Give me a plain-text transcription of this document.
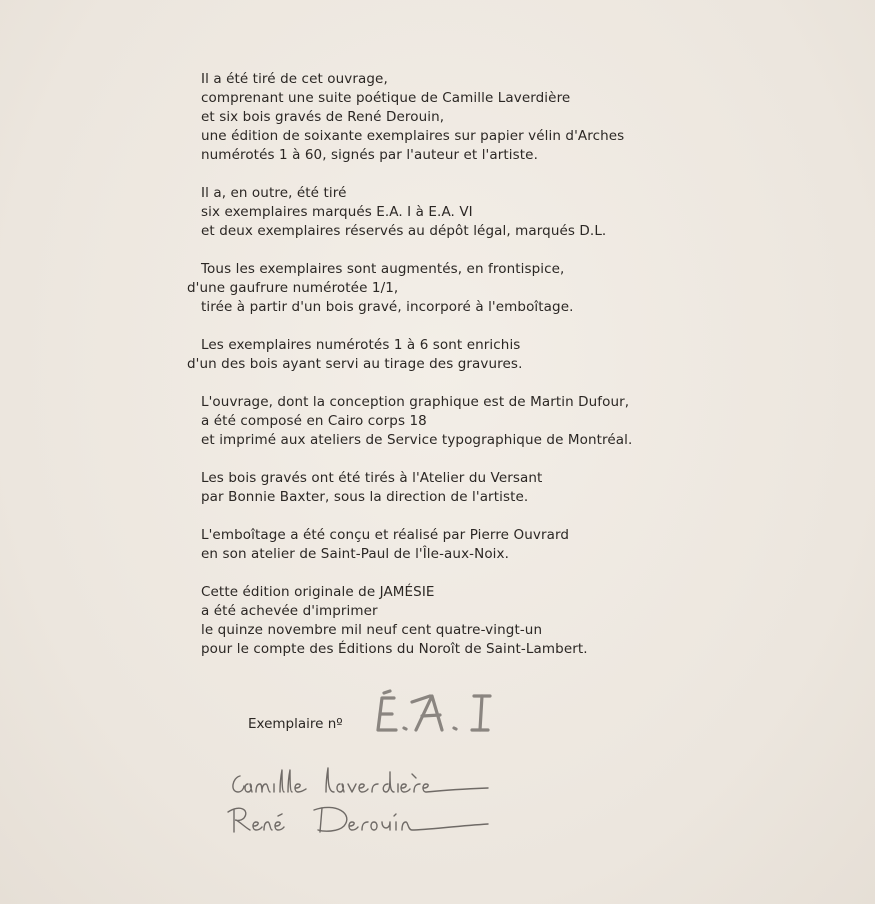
Il a été tiré de cet ouvrage,
comprenant une suite poétique de Camille Laverdière
et six bois gravés de René Derouin,
une édition de soixante exemplaires sur papier vélin d'Arches
numérotés 1 à 60, signés par l'auteur et l'artiste.
Il a, en outre, été tiré
six exemplaires marqués E.A. I à E.A. VI
et deux exemplaires réservés au dépôt légal, marqués D.L.
Tous les exemplaires sont augmentés, en frontispice,
d'une gaufrure numérotée 1/1,
tirée à partir d'un bois gravé, incorporé à l'emboîtage.
Les exemplaires numérotés 1 à 6 sont enrichis
d'un des bois ayant servi au tirage des gravures.
L'ouvrage, dont la conception graphique est de Martin Dufour,
a été composé en Cairo corps 18
et imprimé aux ateliers de Service typographique de Montréal.
Les bois gravés ont été tirés à l'Atelier du Versant
par Bonnie Baxter, sous la direction de l'artiste.
L'emboîtage a été conçu et réalisé par Pierre Ouvrard
en son atelier de Saint-Paul de l'Île-aux-Noix.
Cette édition originale de JAMÉSIE
a été achevée d'imprimer
le quinze novembre mil neuf cent quatre-vingt-un
pour le compte des Éditions du Noroît de Saint-Lambert.
Exemplaire nº
